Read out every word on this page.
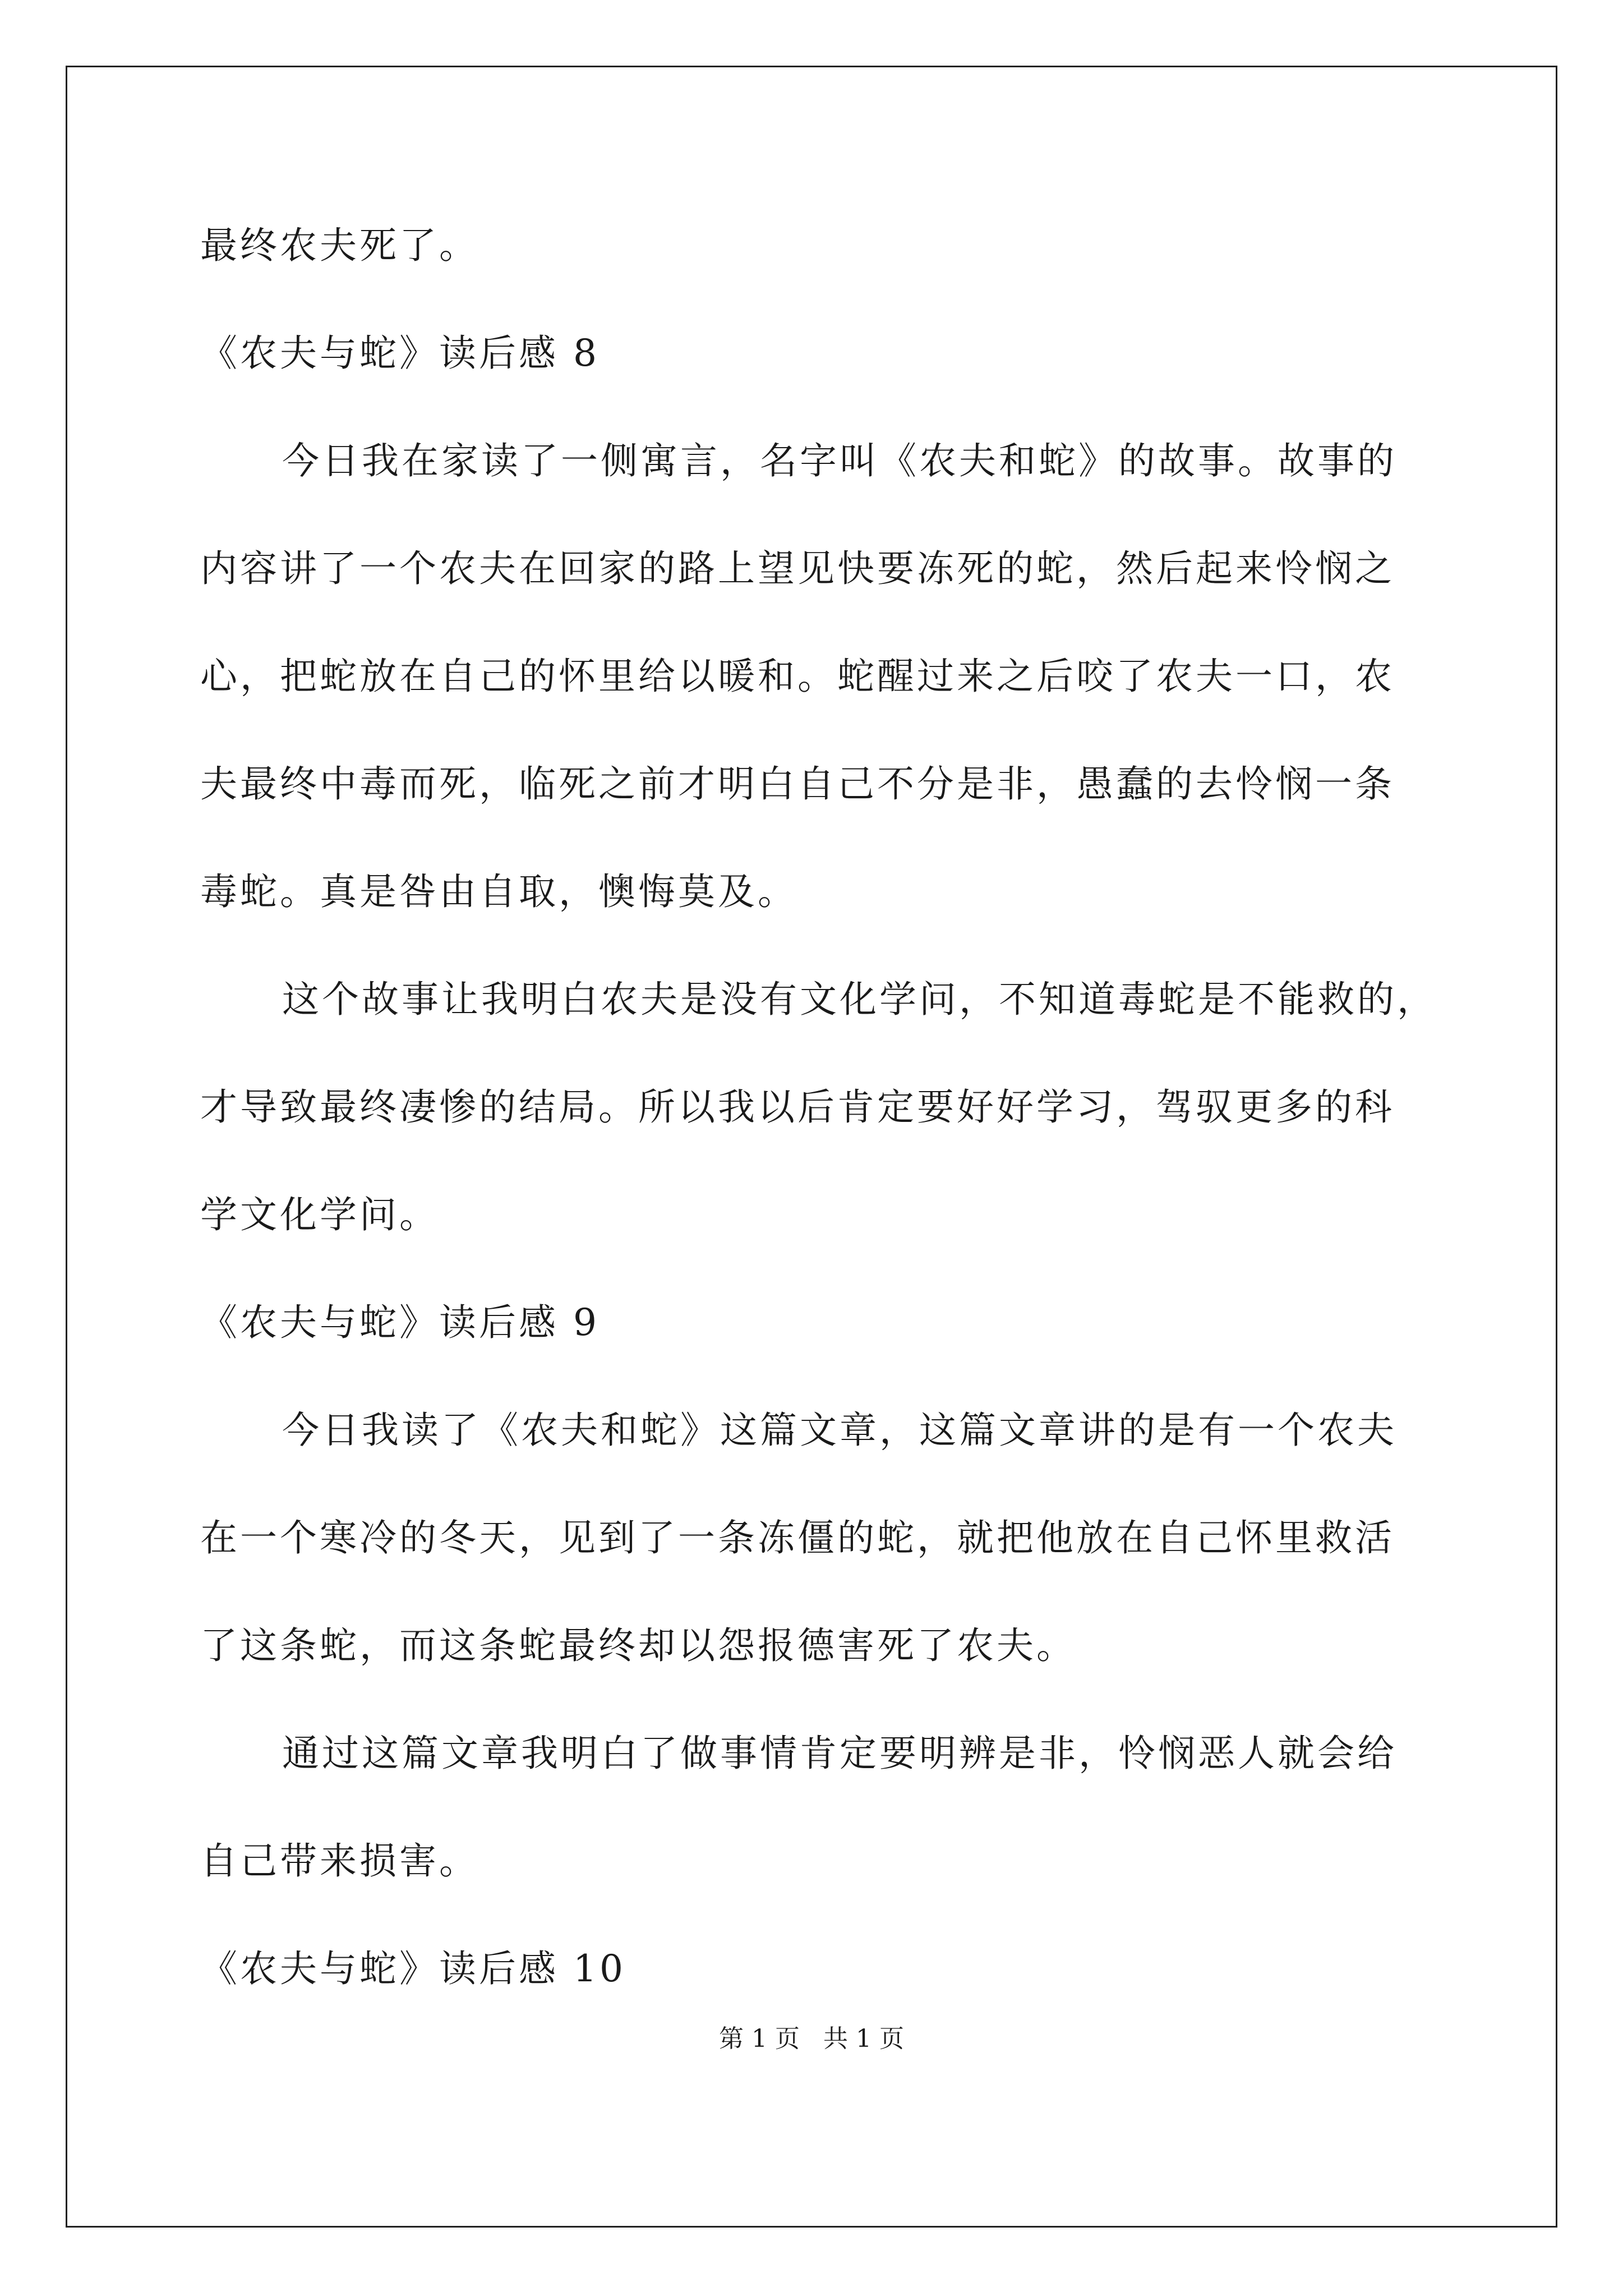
最终农夫死了。
《农夫与蛇》读后感 8
今日我在家读了一侧寓言，名字叫《农夫和蛇》的故事。故事的
内容讲了一个农夫在回家的路上望见快要冻死的蛇，然后起来怜悯之
心，把蛇放在自己的怀里给以暖和。蛇醒过来之后咬了农夫一口，农
夫最终中毒而死，临死之前才明白自己不分是非，愚蠢的去怜悯一条
毒蛇。真是咎由自取，懊悔莫及。
这个故事让我明白农夫是没有文化学问，不知道毒蛇是不能救的，
才导致最终凄惨的结局。所以我以后肯定要好好学习，驾驭更多的科
学文化学问。
《农夫与蛇》读后感 9
今日我读了《农夫和蛇》这篇文章，这篇文章讲的是有一个农夫
在一个寒冷的冬天，见到了一条冻僵的蛇，就把他放在自己怀里救活
了这条蛇，而这条蛇最终却以怨报德害死了农夫。
通过这篇文章我明白了做事情肯定要明辨是非，怜悯恶人就会给
自己带来损害。
《农夫与蛇》读后感 10
第 1 页   共 1 页
